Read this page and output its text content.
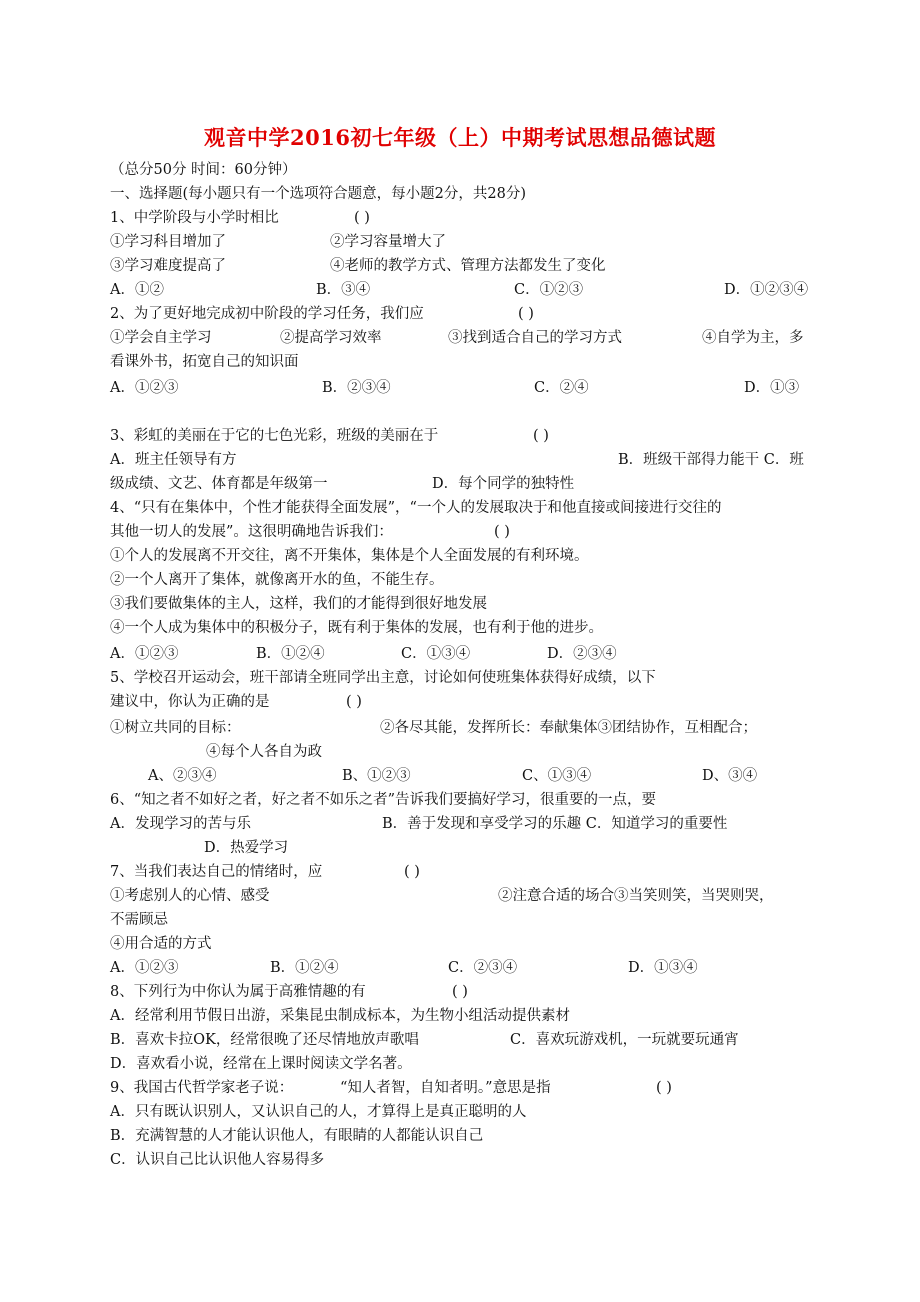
观音中学2016初七年级（上）中期考试思想品德试题
（总分50分 时间：60分钟）
一、选择题(每小题只有一个选项符合题意，每小题2分，共28分)
1、中学阶段与小学时相比	( )
①学习科目增加了	②学习容量增大了
③学习难度提高了	④老师的教学方式、管理方法都发生了变化
A．①②	B．③④	C．①②③	D．①②③④
2、为了更好地完成初中阶段的学习任务，我们应	( )
①学会自主学习	②提高学习效率	③找到适合自己的学习方式	④自学为主，多
看课外书，拓宽自己的知识面
A．①②③	B．②③④	C．②④	D．①③
3、彩虹的美丽在于它的七色光彩，班级的美丽在于	( )
A．班主任领导有方	B．班级干部得力能干 C．班
级成绩、文艺、体育都是年级第一	D．每个同学的独特性
4、“只有在集体中，个性才能获得全面发展”，“一个人的发展取决于和他直接或间接进行交往的
其他一切人的发展”。这很明确地告诉我们：	( )
①个人的发展离不开交往，离不开集体，集体是个人全面发展的有利环境。
②一个人离开了集体，就像离开水的鱼，不能生存。
③我们要做集体的主人，这样，我们的才能得到很好地发展
④一个人成为集体中的积极分子，既有利于集体的发展，也有利于他的进步。
A．①②③	B．①②④	C．①③④	D．②③④
5、学校召开运动会，班干部请全班同学出主意，讨论如何使班集体获得好成绩，以下
建议中，你认为正确的是	( )
①树立共同的目标：	②各尽其能，发挥所长：奉献集体③团结协作，互相配合；
④每个人各自为政
A、②③④	B、①②③	C、①③④	D、③④
6、“知之者不如好之者，好之者不如乐之者”告诉我们要搞好学习，很重要的一点，要
A．发现学习的苦与乐	B．善于发现和享受学习的乐趣 C．知道学习的重要性
D．热爱学习
7、当我们表达自己的情绪时，应	( )
①考虑别人的心情、感受	②注意合适的场合③当笑则笑，当哭则哭，
不需顾忌
④用合适的方式
A．①②③	B．①②④	C．②③④	D．①③④
8、下列行为中你认为属于高雅情趣的有	( )
A．经常利用节假日出游，采集昆虫制成标本，为生物小组活动提供素材
B．喜欢卡拉OK，经常很晚了还尽情地放声歌唱	C．喜欢玩游戏机，一玩就要玩通宵
D．喜欢看小说，经常在上课时阅读文学名著。
9、我国古代哲学家老子说：	“知人者智，自知者明。”意思是指	( )
A．只有既认识别人，又认识自己的人，才算得上是真正聪明的人
B．充满智慧的人才能认识他人，有眼睛的人都能认识自己
C．认识自己比认识他人容易得多
